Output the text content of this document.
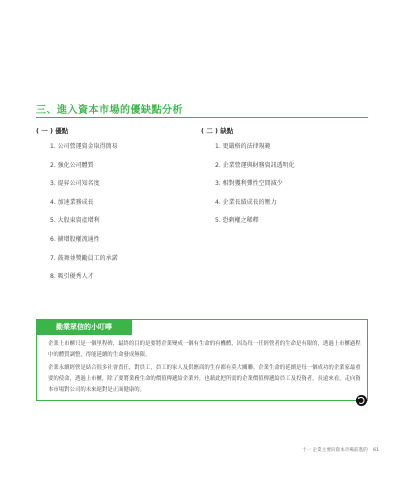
三、進入資本市場的優缺點分析
( 一 ) 優點	( 二 ) 缺點
1. 公司營運資金取得簡易
2. 強化公司體質
3. 提昇公司知名度
4. 加速業務成長
5. 大股東資產增利
6. 擴增股權流通性
7. 鼓舞並獎勵員工的承諾
8. 吸引優秀人才
1. 更嚴格的法律規範
2. 企業營運與財務資訊透明化
3. 相對獲利彈性空間減少
4. 企業長績成長的壓力
5. 恐剩權之稀釋
勤業眾信的小叮嚀

企業上市櫃只是一個里程碑，最終的目的是要將企業變成一個有生命的有機體，因為每一任經營者的生命是有限的，透過上市櫃過程中的體質調整，得能延續的生命發成無限。

企業永續經營是結合很多社會責任，對員工，員工的家人及供應商的生存都有莫大關聯。企業生命的延續是每一個成功的企業家最重要的使命，透過上市櫃，除了要將業務生命的價值傳遞給企業外，也藉此把所需的企業價值傳遞給員工及投資者，長遠來看，走向資本市場對公司的未來絕對是正面健康的。

十一 企業主要向資本市場前進的 61
